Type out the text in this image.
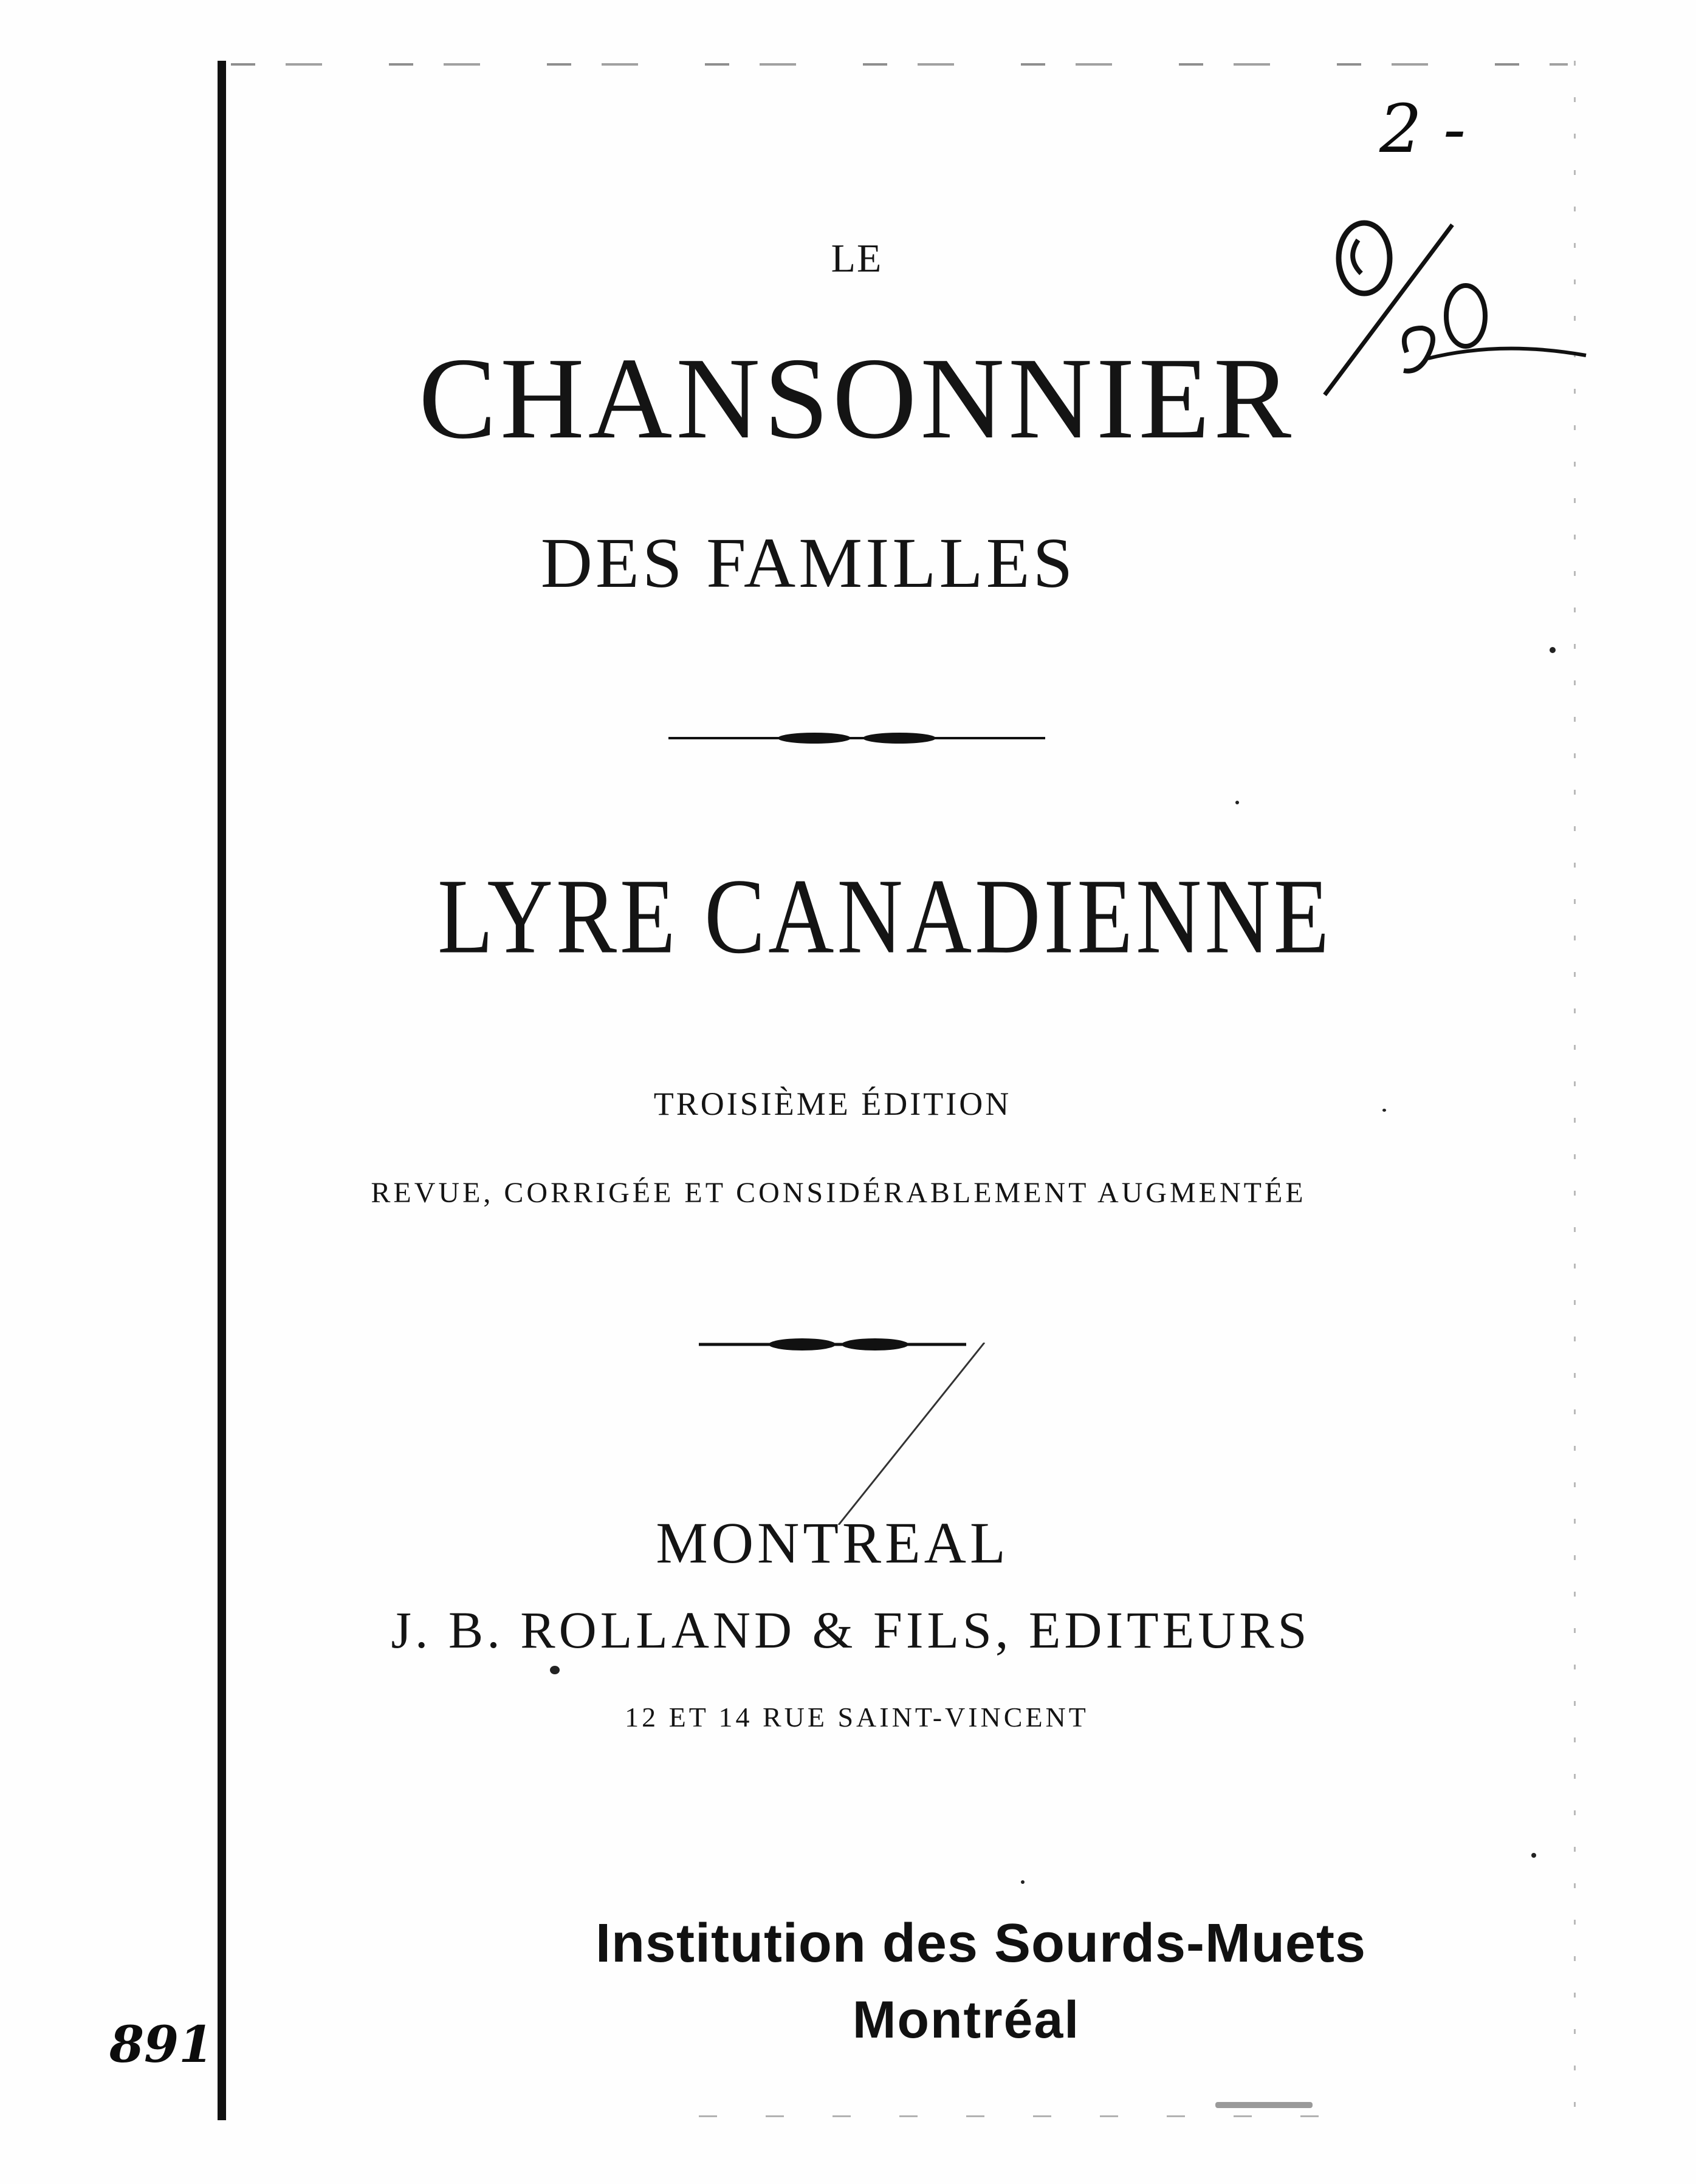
2 -
891
LE
CHANSONNIER
DES FAMILLES
LYRE CANADIENNE
TROISIÈME ÉDITION
REVUE, CORRIGÉE ET CONSIDÉRABLEMENT AUGMENTÉE
MONTREAL
J. B. ROLLAND & FILS, EDITEURS
12 ET 14 RUE SAINT-VINCENT
Institution des Sourds-Muets
Montréal
